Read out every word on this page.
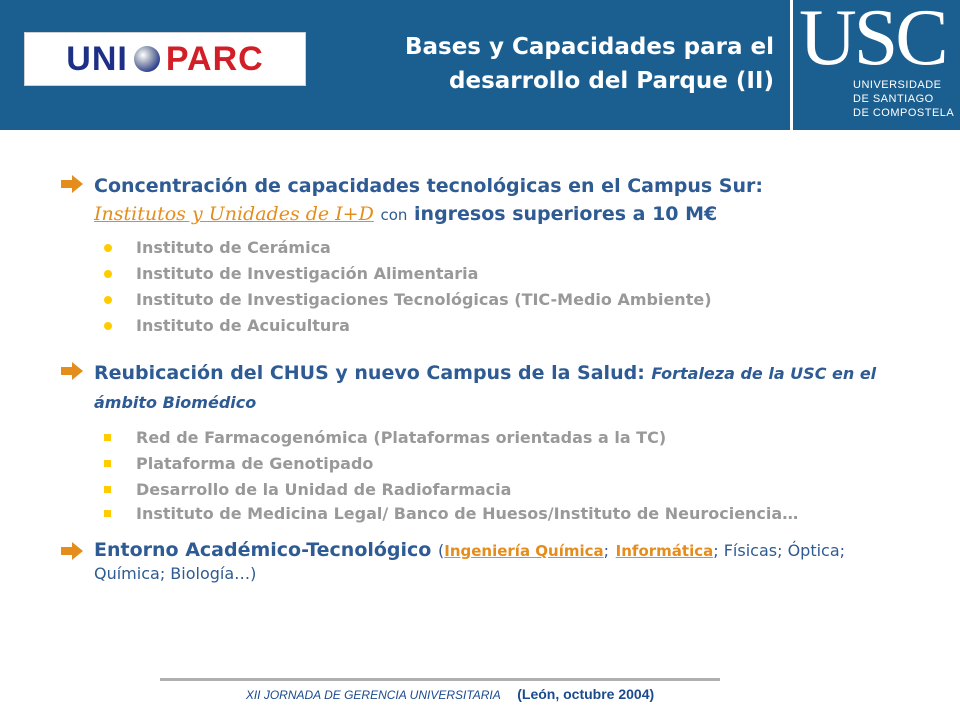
UNI PARC	Bases y Capacidades para el
desarrollo del Parque (II) USC
UNIVERSIDADE
DE SANTIAGO
DE COMPOSTELA
Concentración de capacidades tecnológicas en el Campus Sur:
Institutos y Unidades de I+D con ingresos superiores a 10 M€
Instituto de Cerámica
Instituto de Investigación Alimentaria
Instituto de Investigaciones Tecnológicas (TIC-Medio Ambiente)
Instituto de Acuicultura
Reubicación del CHUS y nuevo Campus de la Salud: Fortaleza de la USC en el ámbito Biomédico
Red de Farmacogenómica (Plataformas orientadas a la TC)
Plataforma de Genotipado
Desarrollo de la Unidad de Radiofarmacia
Instituto de Medicina Legal/ Banco de Huesos/Instituto de Neurociencia…
Entorno Académico-Tecnológico (Ingeniería Química; Informática; Físicas; Óptica; Química; Biología…)
XII JORNADA DE GERENCIA UNIVERSITARIA (León, octubre 2004)
